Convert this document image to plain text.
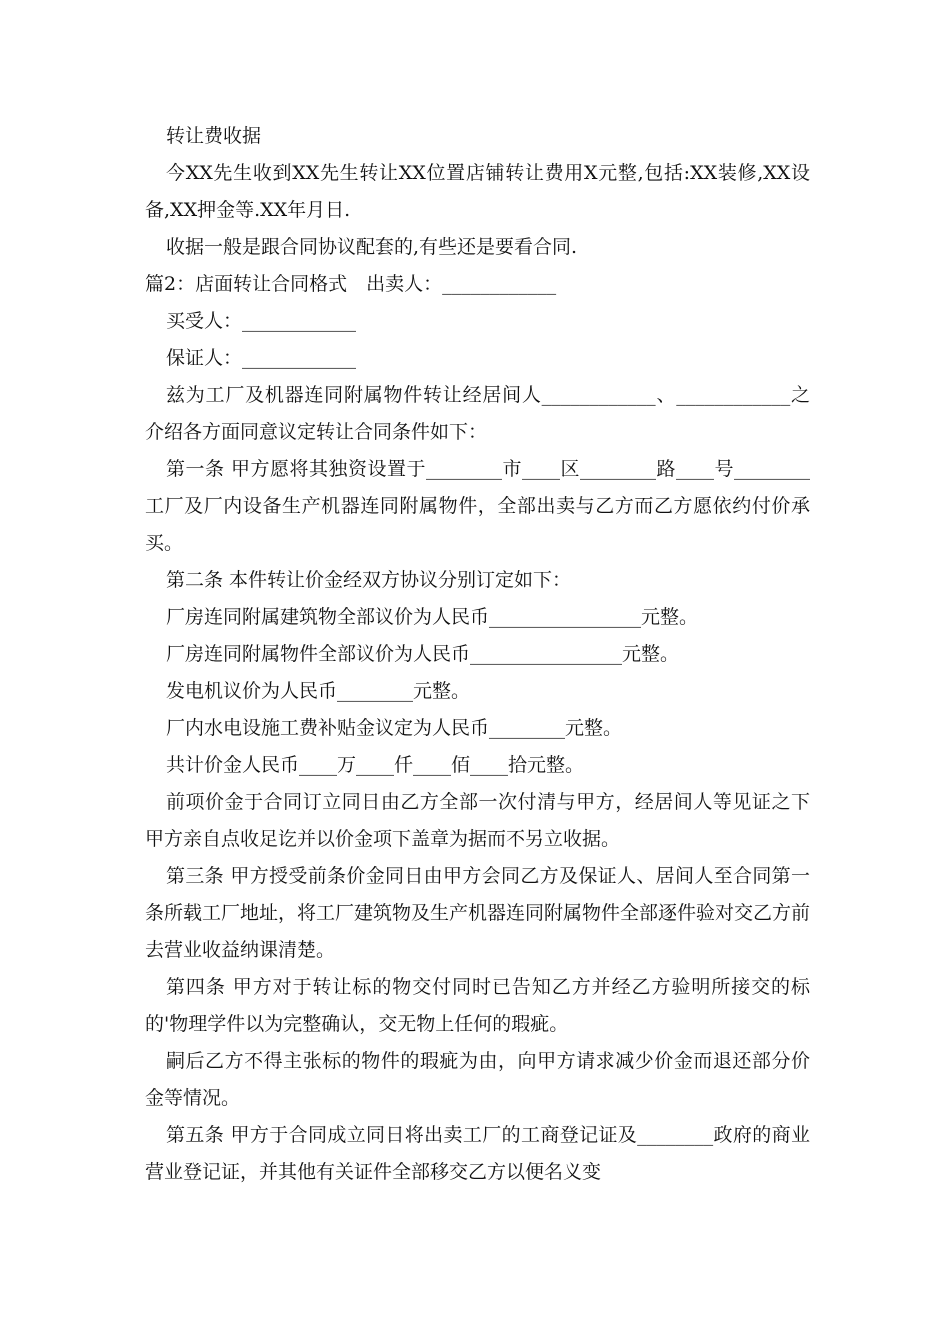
转让费收据

今XX先生收到XX先生转让XX位置店铺转让费用X元整,包括:XX装修,XX设备,XX押金等.XX年月日.

收据一般是跟合同协议配套的,有些还是要看合同.

篇2：店面转让合同格式　出卖人：____________

买受人：____________

保证人：____________

兹为工厂及机器连同附属物件转让经居间人____________、____________之介绍各方面同意议定转让合同条件如下：

第一条 甲方愿将其独资设置于________市____区________路____号________工厂及厂内设备生产机器连同附属物件，全部出卖与乙方而乙方愿依约付价承买。

第二条 本件转让价金经双方协议分别订定如下：

厂房连同附属建筑物全部议价为人民币________________元整。

厂房连同附属物件全部议价为人民币________________元整。

发电机议价为人民币________元整。

厂内水电设施工费补贴金议定为人民币________元整。

共计价金人民币____万____仟____佰____拾元整。

前项价金于合同订立同日由乙方全部一次付清与甲方，经居间人等见证之下甲方亲自点收足讫并以价金项下盖章为据而不另立收据。

第三条 甲方授受前条价金同日由甲方会同乙方及保证人、居间人至合同第一条所载工厂地址，将工厂建筑物及生产机器连同附属物件全部逐件验对交乙方前去营业收益纳课清楚。

第四条 甲方对于转让标的物交付同时已告知乙方并经乙方验明所接交的标的'物理学件以为完整确认，交无物上任何的瑕疵。

嗣后乙方不得主张标的物件的瑕疵为由，向甲方请求减少价金而退还部分价金等情况。

第五条 甲方于合同成立同日将出卖工厂的工商登记证及________政府的商业营业登记证，并其他有关证件全部移交乙方以便名义变
